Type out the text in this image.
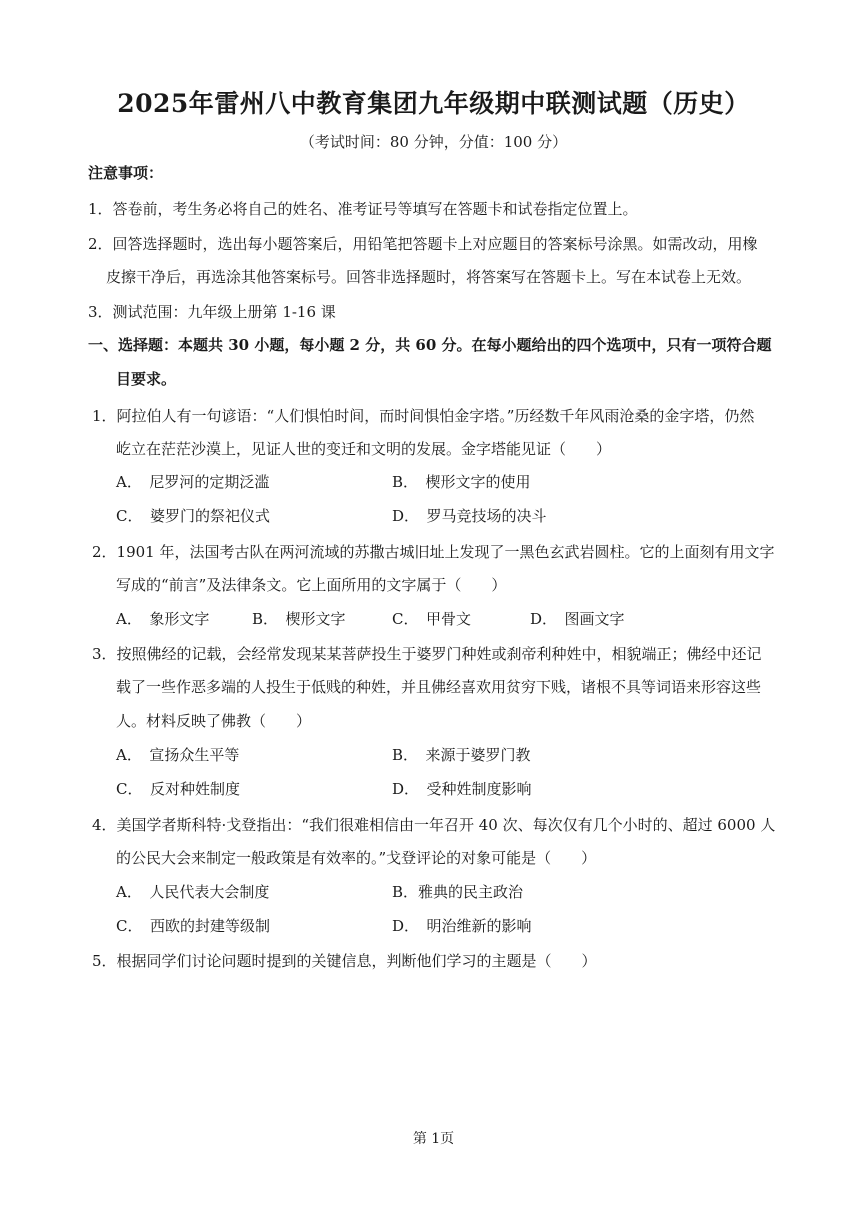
2025年雷州八中教育集团九年级期中联测试题（历史）
（考试时间：80 分钟，分值：100 分）
注意事项：
1．答卷前，考生务必将自己的姓名、准考证号等填写在答题卡和试卷指定位置上。
2．回答选择题时，选出每小题答案后，用铅笔把答题卡上对应题目的答案标号涂黑。如需改动，用橡
皮擦干净后，再选涂其他答案标号。回答非选择题时，将答案写在答题卡上。写在本试卷上无效。
3．测试范围：九年级上册第 1-16 课
一、选择题：本题共 30 小题，每小题 2 分，共 60 分。在每小题给出的四个选项中，只有一项符合题
目要求。
1．阿拉伯人有一句谚语：“人们惧怕时间，而时间惧怕金字塔。”历经数千年风雨沧桑的金字塔，仍然
屹立在茫茫沙漠上，见证人世的变迁和文明的发展。金字塔能见证（　　）
A．　尼罗河的定期泛滥	B．　楔形文字的使用
C．　婆罗门的祭祀仪式	D．　罗马竞技场的决斗
2．1901 年，法国考古队在两河流域的苏撒古城旧址上发现了一黑色玄武岩圆柱。它的上面刻有用文字
写成的“前言”及法律条文。它上面所用的文字属于（　　）
A．　象形文字	B．　楔形文字	C．　甲骨文	D．　图画文字
3．按照佛经的记载，会经常发现某某菩萨投生于婆罗门种姓或刹帝利种姓中，相貌端正；佛经中还记
载了一些作恶多端的人投生于低贱的种姓，并且佛经喜欢用贫穷下贱，诸根不具等词语来形容这些
人。材料反映了佛教（　　）
A．　宣扬众生平等	B．　来源于婆罗门教
C．　反对种姓制度	D．　受种姓制度影响
4．美国学者斯科特·戈登指出：“我们很难相信由一年召开 40 次、每次仅有几个小时的、超过 6000 人
的公民大会来制定一般政策是有效率的。”戈登评论的对象可能是（　　）
A．　人民代表大会制度	B．雅典的民主政治
C．　西欧的封建等级制	D．　明治维新的影响
5．根据同学们讨论问题时提到的关键信息，判断他们学习的主题是（　　）
第 1页
